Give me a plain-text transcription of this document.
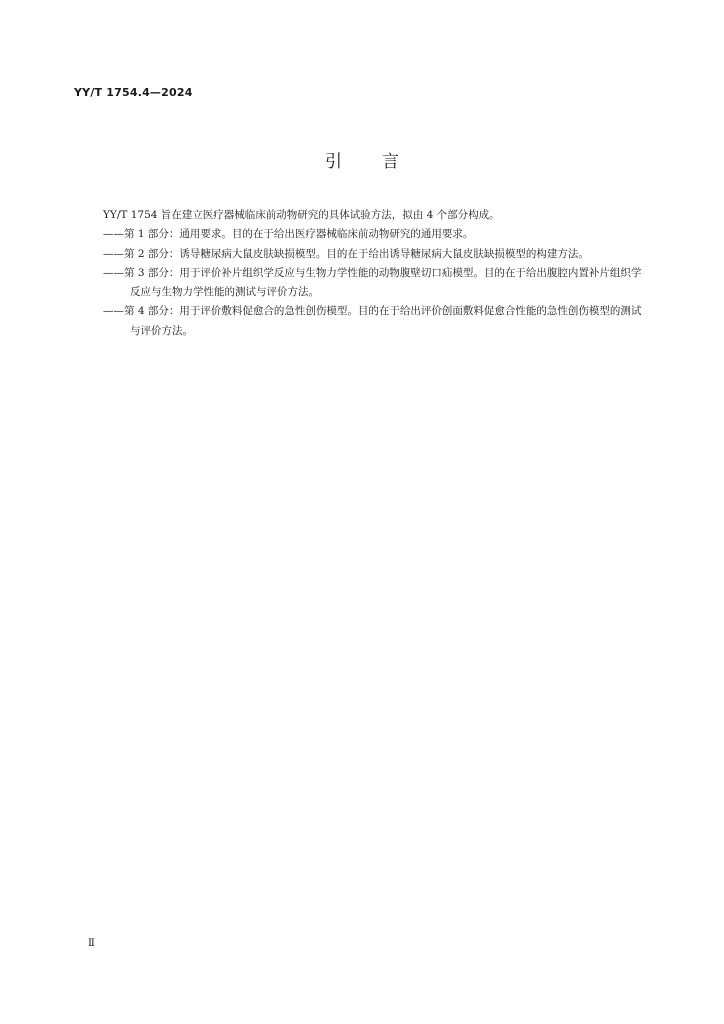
YY/T 1754.4—2024
引言

YY/T 1754 旨在建立医疗器械临床前动物研究的具体试验方法，拟由 4 个部分构成。

——第 1 部分：通用要求。目的在于给出医疗器械临床前动物研究的通用要求。

——第 2 部分：诱导糖尿病大鼠皮肤缺损模型。目的在于给出诱导糖尿病大鼠皮肤缺损模型的构建方法。

——第 3 部分：用于评价补片组织学反应与生物力学性能的动物腹壁切口疝模型。目的在于给出腹腔内置补片组织学反应与生物力学性能的测试与评价方法。

——第 4 部分：用于评价敷料促愈合的急性创伤模型。目的在于给出评价创面敷料促愈合性能的急性创伤模型的测试与评价方法。

Ⅱ
